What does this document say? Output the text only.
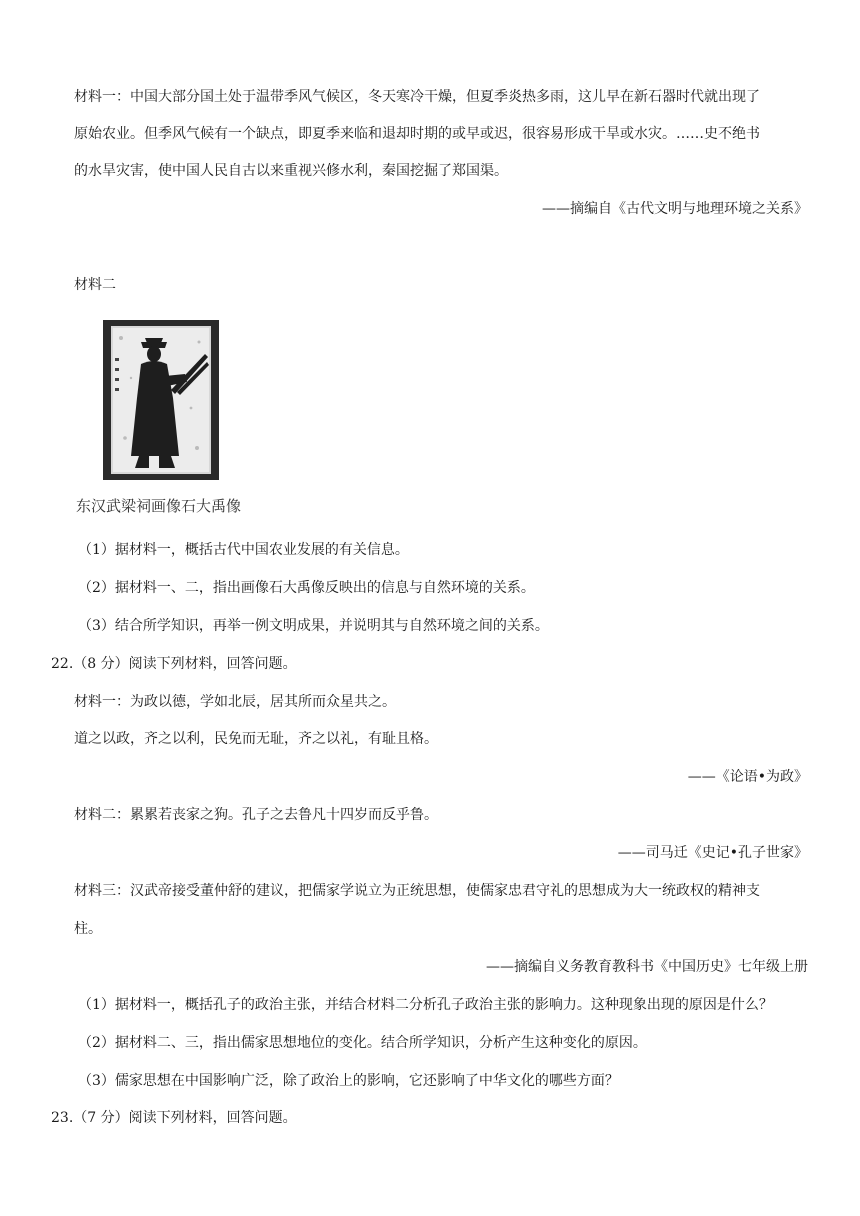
材料一：中国大部分国土处于温带季风气候区，冬天寒冷干燥，但夏季炎热多雨，这儿早在新石器时代就出现了
原始农业。但季风气候有一个缺点，即夏季来临和退却时期的或早或迟，很容易形成干旱或水灾。……史不绝书
的水旱灾害，使中国人民自古以来重视兴修水利，秦国挖掘了郑国渠。
——摘编自《古代文明与地理环境之关系》
材料二
东汉武梁祠画像石大禹像
（1）据材料一，概括古代中国农业发展的有关信息。
（2）据材料一、二，指出画像石大禹像反映出的信息与自然环境的关系。
（3）结合所学知识，再举一例文明成果，并说明其与自然环境之间的关系。
22.（8 分）阅读下列材料，回答问题。
材料一：为政以德，学如北辰，居其所而众星共之。
道之以政，齐之以利，民免而无耻，齐之以礼，有耻且格。
——《论语•为政》
材料二：累累若丧家之狗。孔子之去鲁凡十四岁而反乎鲁。
——司马迁《史记•孔子世家》
材料三：汉武帝接受董仲舒的建议，把儒家学说立为正统思想，使儒家忠君守礼的思想成为大一统政权的精神支
柱。
——摘编自义务教育教科书《中国历史》七年级上册
（1）据材料一，概括孔子的政治主张，并结合材料二分析孔子政治主张的影响力。这种现象出现的原因是什么？
（2）据材料二、三，指出儒家思想地位的变化。结合所学知识，分析产生这种变化的原因。
（3）儒家思想在中国影响广泛，除了政治上的影响，它还影响了中华文化的哪些方面？
23.（7 分）阅读下列材料，回答问题。
